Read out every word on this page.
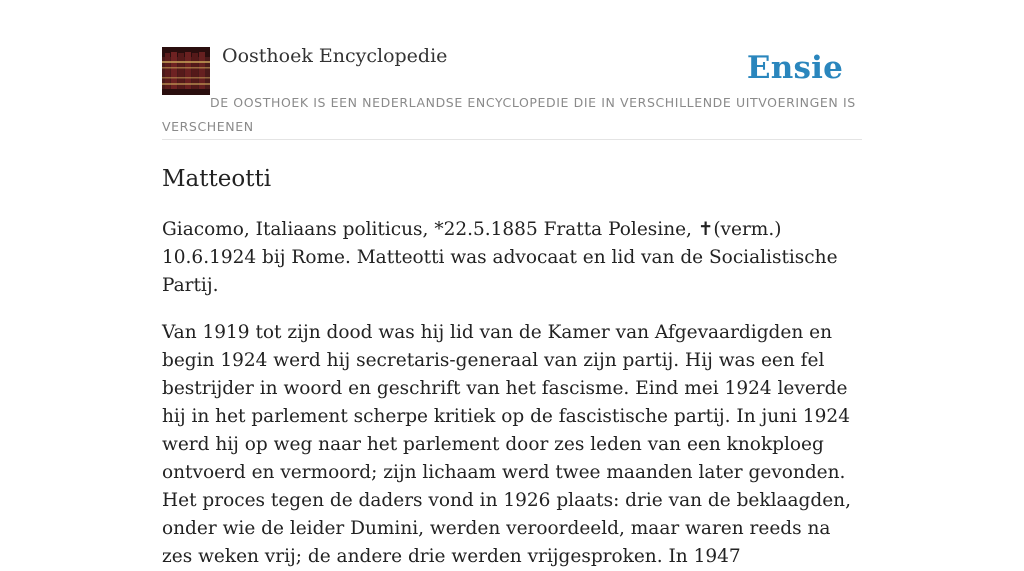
Oosthoek Encyclopedie	Ensie
DE OOSTHOEK IS EEN NEDERLANDSE ENCYCLOPEDIE DIE IN VERSCHILLENDE UITVOERINGEN IS VERSCHENEN
Matteotti

Giacomo, Italiaans politicus, *22.5.1885 Fratta Polesine, ✝(verm.) 10.6.1924 bij Rome. Matteotti was advocaat en lid van de Socialistische Partij.

Van 1919 tot zijn dood was hij lid van de Kamer van Afgevaardigden en begin 1924 werd hij secretaris-generaal van zijn partij. Hij was een fel bestrijder in woord en geschrift van het fascisme. Eind mei 1924 leverde hij in het parlement scherpe kritiek op de fascistische partij. In juni 1924 werd hij op weg naar het parlement door zes leden van een knokploeg ontvoerd en vermoord; zijn lichaam werd twee maanden later gevonden. Het proces tegen de daders vond in 1926 plaats: drie van de beklaagden, onder wie de leider Dumini, werden veroordeeld, maar waren reeds na zes weken vrij; de andere drie werden vrijgesproken. In 1947
